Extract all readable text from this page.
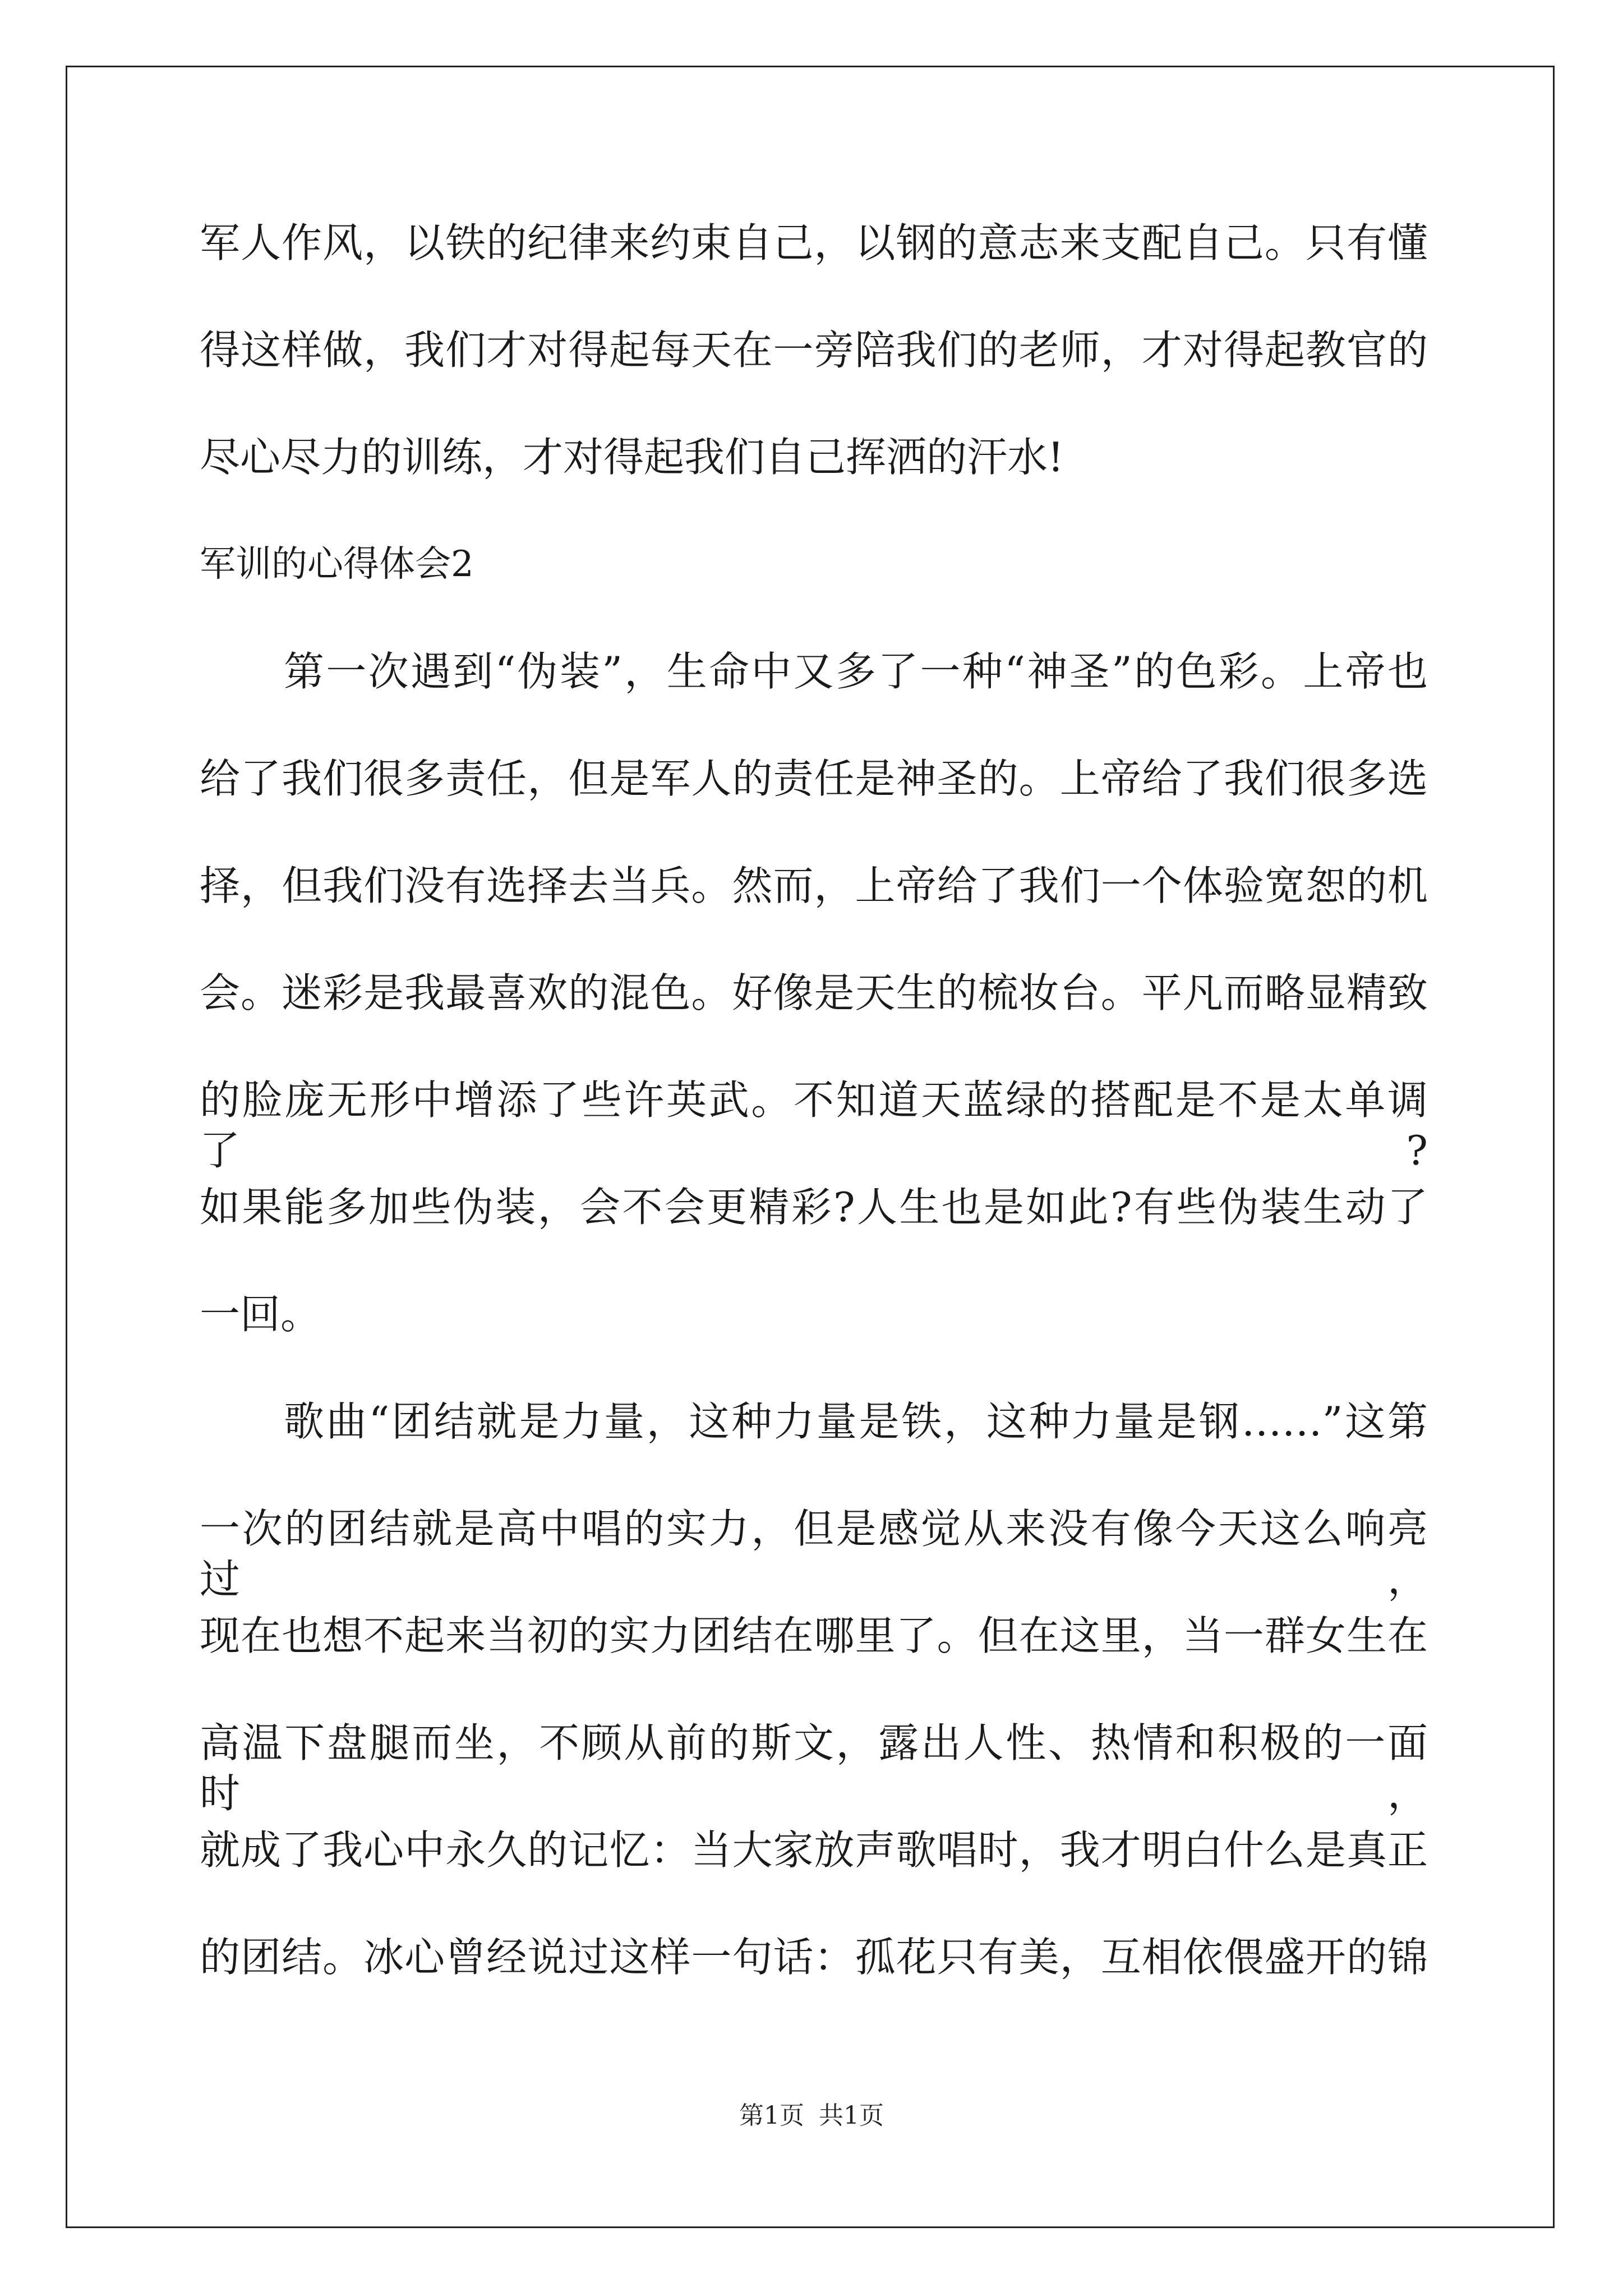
军人作风，以铁的纪律来约束自己，以钢的意志来支配自己。只有懂
得这样做，我们才对得起每天在一旁陪我们的老师，才对得起教官的
尽心尽力的训练，才对得起我们自己挥洒的汗水!
军训的心得体会2
第一次遇到“伪装”，生命中又多了一种“神圣”的色彩。上帝也
给了我们很多责任，但是军人的责任是神圣的。上帝给了我们很多选
择，但我们没有选择去当兵。然而，上帝给了我们一个体验宽恕的机
会。迷彩是我最喜欢的混色。好像是天生的梳妆台。平凡而略显精致
的脸庞无形中增添了些许英武。不知道天蓝绿的搭配是不是太单调了?
如果能多加些伪装，会不会更精彩?人生也是如此?有些伪装生动了
一回。
歌曲“团结就是力量，这种力量是铁，这种力量是钢……”这第
一次的团结就是高中唱的实力，但是感觉从来没有像今天这么响亮过，
现在也想不起来当初的实力团结在哪里了。但在这里，当一群女生在
高温下盘腿而坐，不顾从前的斯文，露出人性、热情和积极的一面时，
就成了我心中永久的记忆：当大家放声歌唱时，我才明白什么是真正
的团结。冰心曾经说过这样一句话：孤花只有美，互相依偎盛开的锦
第1页 共1页
